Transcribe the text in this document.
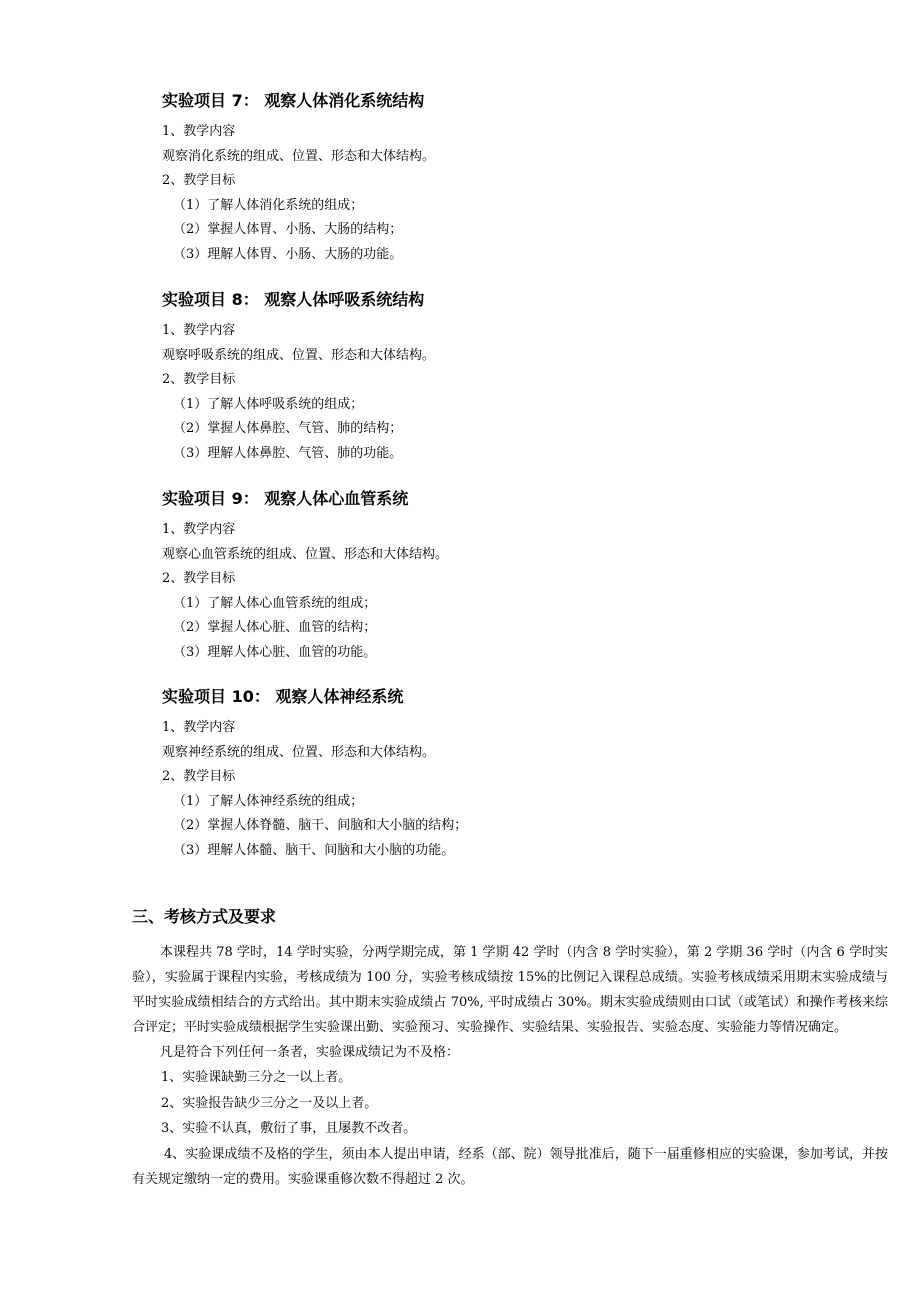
实验项目 7： 观察人体消化系统结构
1、教学内容
观察消化系统的组成、位置、形态和大体结构。
2、教学目标
（1）了解人体消化系统的组成；
（2）掌握人体胃、小肠、大肠的结构；
（3）理解人体胃、小肠、大肠的功能。
实验项目 8： 观察人体呼吸系统结构
1、教学内容
观察呼吸系统的组成、位置、形态和大体结构。
2、教学目标
（1）了解人体呼吸系统的组成；
（2）掌握人体鼻腔、气管、肺的结构；
（3）理解人体鼻腔、气管、肺的功能。
实验项目 9： 观察人体心血管系统
1、教学内容
观察心血管系统的组成、位置、形态和大体结构。
2、教学目标
（1）了解人体心血管系统的组成；
（2）掌握人体心脏、血管的结构；
（3）理解人体心脏、血管的功能。
实验项目 10： 观察人体神经系统
1、教学内容
观察神经系统的组成、位置、形态和大体结构。
2、教学目标
（1）了解人体神经系统的组成；
（2）掌握人体脊髓、脑干、间脑和大小脑的结构；
（3）理解人体髓、脑干、间脑和大小脑的功能。
三、考核方式及要求

本课程共 78 学时，14 学时实验，分两学期完成，第 1 学期 42 学时（内含 8 学时实验），第 2 学期 36 学时（内含 6 学时实验），实验属于课程内实验，考核成绩为 100 分，实验考核成绩按 15%的比例记入课程总成绩。实验考核成绩采用期末实验成绩与平时实验成绩相结合的方式给出。其中期末实验成绩占 70%, 平时成绩占 30%。期末实验成绩则由口试（或笔试）和操作考核来综合评定；平时实验成绩根据学生实验课出勤、实验预习、实验操作、实验结果、实验报告、实验态度、实验能力等情况确定。

凡是符合下列任何一条者，实验课成绩记为不及格：

1、实验课缺勤三分之一以上者。

2、实验报告缺少三分之一及以上者。

3、实验不认真，敷衍了事，且屡教不改者。

4、实验课成绩不及格的学生，须由本人提出申请，经系（部、院）领导批准后，随下一届重修相应的实验课，参加考试，并按有关规定缴纳一定的费用。实验课重修次数不得超过 2 次。
